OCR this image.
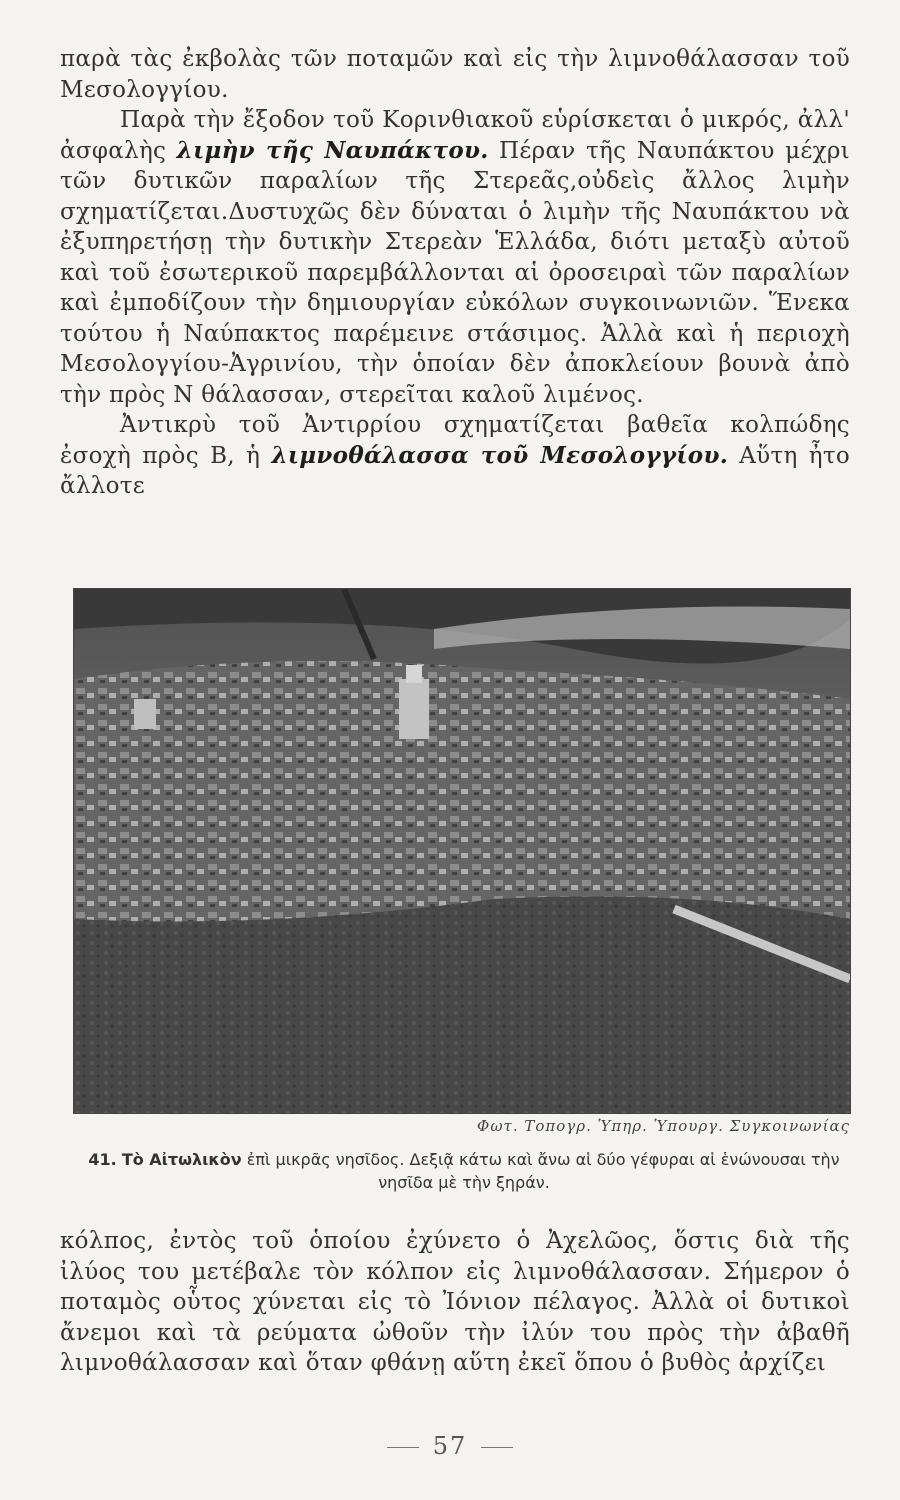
παρὰ τὰς ἐκβολὰς τῶν ποταμῶν καὶ εἰς τὴν λιμνοθάλασσαν τοῦ Μεσολογγίου.

Παρὰ τὴν ἔξοδον τοῦ Κορινθιακοῦ εὑρίσκεται ὁ μικρός, ἀλλ' ἀσφαλὴς λιμὴν τῆς Ναυπάκτου. Πέραν τῆς Ναυπάκτου μέχρι τῶν δυτικῶν παραλίων τῆς Στερεᾶς,οὐδεὶς ἄλλος λιμὴν σχηματίζεται.Δυστυχῶς δὲν δύναται ὁ λιμὴν τῆς Ναυπάκτου νὰ ἐξυπηρετήσῃ τὴν δυτικὴν Στερεὰν Ἑλλάδα, διότι μεταξὺ αὐτοῦ καὶ τοῦ ἐσωτερικοῦ παρεμβάλλονται αἱ ὀροσειραὶ τῶν παραλίων καὶ ἐμποδίζουν τὴν δημιουργίαν εὐκόλων συγκοινωνιῶν. Ἕνεκα τούτου ἡ Ναύπακτος παρέμεινε στάσιμος. Ἀλλὰ καὶ ἡ περιοχὴ Μεσολογγίου-Ἀγρινίου, τὴν ὁποίαν δὲν ἀποκλείουν βουνὰ ἀπὸ τὴν πρὸς Ν θάλασσαν, στερεῖται καλοῦ λιμένος.

Ἀντικρὺ τοῦ Ἀντιρρίου σχηματίζεται βαθεῖα κολπώδης ἐσοχὴ πρὸς Β, ἡ λιμνοθάλασσα τοῦ Μεσολογγίου. Αὕτη ἦτο ἄλλοτε

Φωτ. Τοπογρ. Ὑπηρ. Ὑπουργ. Συγκοινωνίας
41. Τὸ Αἰτωλικὸν ἐπὶ μικρᾶς νησῖδος. Δεξιᾷ κάτω καὶ ἄνω αἱ δύο γέφυραι αἱ ἑνώνουσαι τὴν νησῖδα μὲ τὴν ξηράν.

κόλπος, ἐντὸς τοῦ ὁποίου ἐχύνετο ὁ Ἀχελῶος, ὅστις διὰ τῆς ἰλύος του μετέβαλε τὸν κόλπον εἰς λιμνοθάλασσαν. Σήμερον ὁ ποταμὸς οὗτος χύνεται εἰς τὸ Ἰόνιον πέλαγος. Ἀλλὰ οἱ δυτικοὶ ἄνεμοι καὶ τὰ ρεύματα ὠθοῦν τὴν ἰλύν του πρὸς τὴν ἀβαθῆ λιμνοθάλασσαν καὶ ὅταν φθάνῃ αὕτη ἐκεῖ ὅπου ὁ βυθὸς ἀρχίζει

57
